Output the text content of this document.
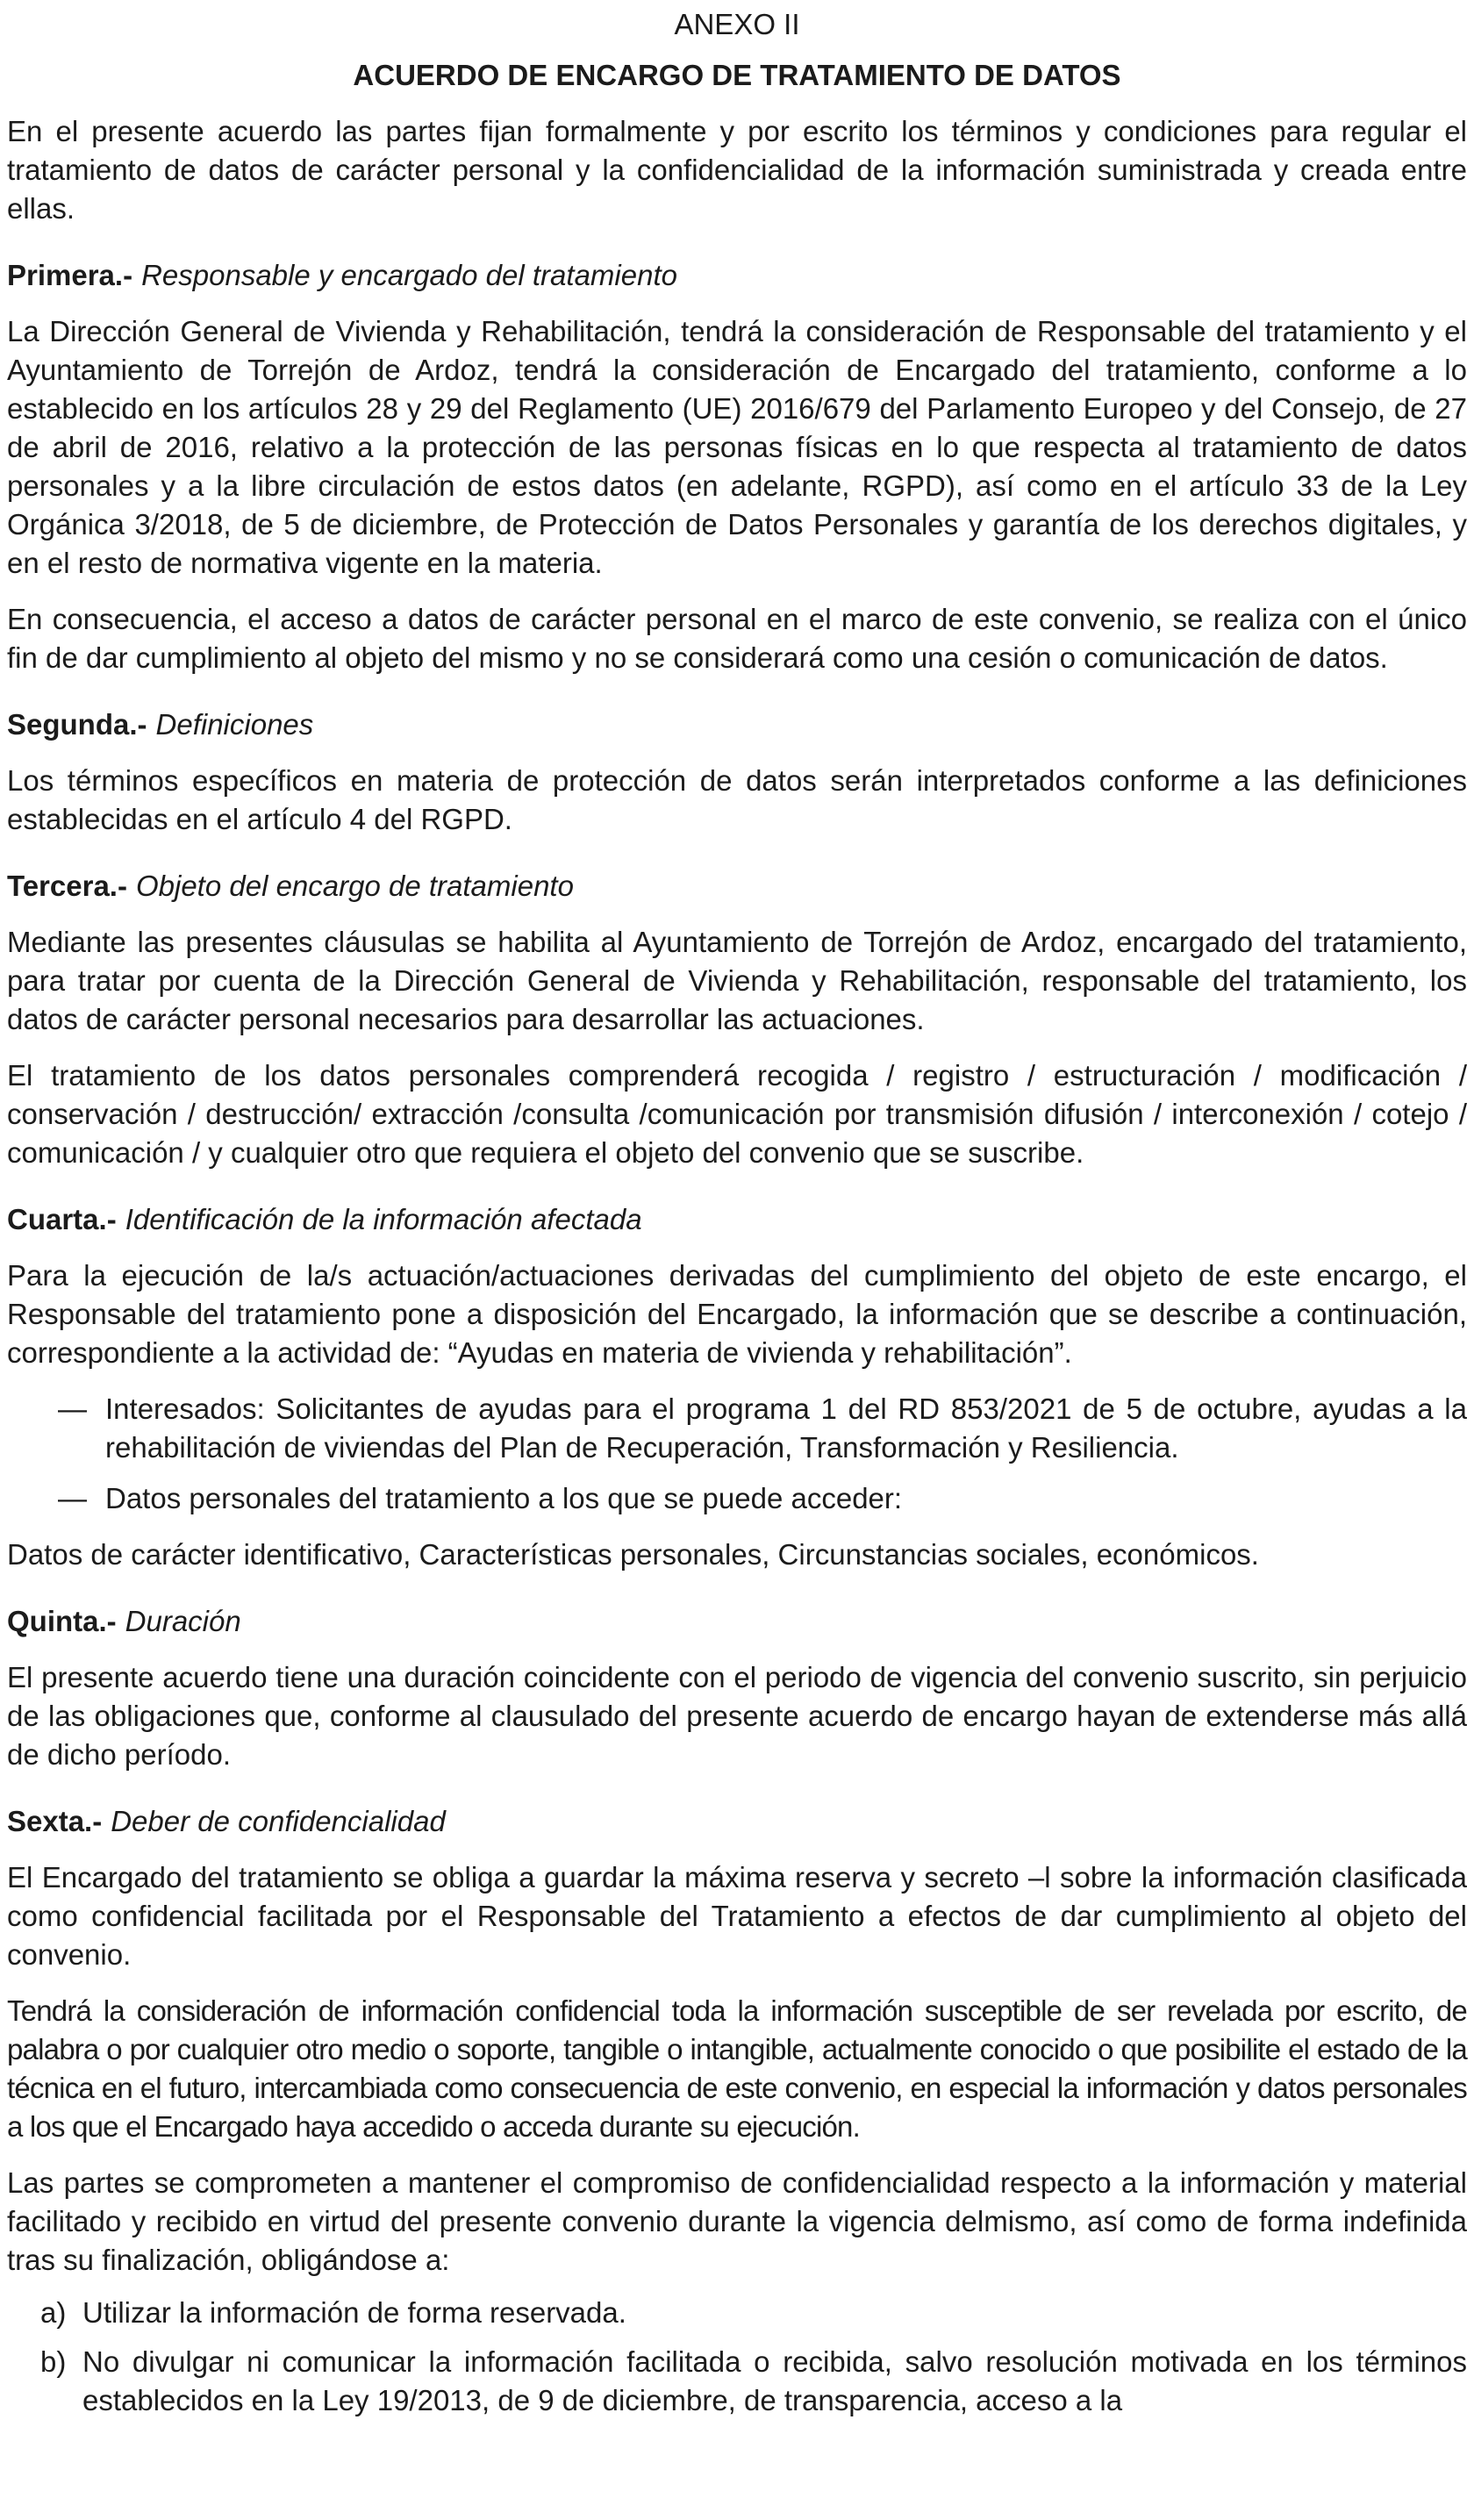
ANEXO II
ACUERDO DE ENCARGO DE TRATAMIENTO DE DATOS

En el presente acuerdo las partes fijan formalmente y por escrito los términos y condiciones para regular el tratamiento de datos de carácter personal y la confidencialidad de la información suministrada y creada entre ellas.

Primera.- Responsable y encargado del tratamiento

La Dirección General de Vivienda y Rehabilitación, tendrá la consideración de Responsable del tratamiento y el Ayuntamiento de Torrejón de Ardoz, tendrá la consideración de Encargado del tratamiento, conforme a lo establecido en los artículos 28 y 29 del Reglamento (UE) 2016/679 del Parlamento Europeo y del Consejo, de 27 de abril de 2016, relativo a la protección de las personas físicas en lo que respecta al tratamiento de datos personales y a la libre circulación de estos datos (en adelante, RGPD), así como en el artículo 33 de la Ley Orgánica 3/2018, de 5 de diciembre, de Protección de Datos Personales y garantía de los derechos digitales, y en el resto de normativa vigente en la materia.

En consecuencia, el acceso a datos de carácter personal en el marco de este convenio, se realiza con el único fin de dar cumplimiento al objeto del mismo y no se considerará como una cesión o comunicación de datos.

Segunda.- Definiciones

Los términos específicos en materia de protección de datos serán interpretados conforme a las definiciones establecidas en el artículo 4 del RGPD.

Tercera.- Objeto del encargo de tratamiento

Mediante las presentes cláusulas se habilita al Ayuntamiento de Torrejón de Ardoz, encargado del tratamiento, para tratar por cuenta de la Dirección General de Vivienda y Rehabilitación, responsable del tratamiento, los datos de carácter personal necesarios para desarrollar las actuaciones.

El tratamiento de los datos personales comprenderá recogida / registro / estructuración / modificación / conservación / destrucción/ extracción /consulta /comunicación por transmisión difusión / interconexión / cotejo / comunicación / y cualquier otro que requiera el objeto del convenio que se suscribe.

Cuarta.- Identificación de la información afectada

Para la ejecución de la/s actuación/actuaciones derivadas del cumplimiento del objeto de este encargo, el Responsable del tratamiento pone a disposición del Encargado, la información que se describe a continuación, correspondiente a la actividad de: “Ayudas en materia de vivienda y rehabilitación”.

— Interesados: Solicitantes de ayudas para el programa 1 del RD 853/2021 de 5 de octubre, ayudas a la rehabilitación de viviendas del Plan de Recuperación, Transformación y Resiliencia.
— Datos personales del tratamiento a los que se puede acceder:

Datos de carácter identificativo, Características personales, Circunstancias sociales, económicos.

Quinta.- Duración

El presente acuerdo tiene una duración coincidente con el periodo de vigencia del convenio suscrito, sin perjuicio de las obligaciones que, conforme al clausulado del presente acuerdo de encargo hayan de extenderse más allá de dicho período.

Sexta.- Deber de confidencialidad

El Encargado del tratamiento se obliga a guardar la máxima reserva y secreto –l sobre la información clasificada como confidencial facilitada por el Responsable del Tratamiento a efectos de dar cumplimiento al objeto del convenio.

Tendrá la consideración de información confidencial toda la información susceptible de ser revelada por escrito, de palabra o por cualquier otro medio o soporte, tangible o intangible, actualmente conocido o que posibilite el estado de la técnica en el futuro, intercambiada como consecuencia de este convenio, en especial la información y datos personales a los que el Encargado haya accedido o acceda durante su ejecución.

Las partes se comprometen a mantener el compromiso de confidencialidad respecto a la información y material facilitado y recibido en virtud del presente convenio durante la vigencia delmismo, así como de forma indefinida tras su finalización, obligándose a:

a) Utilizar la información de forma reservada.
b) No divulgar ni comunicar la información facilitada o recibida, salvo resolución motivada en los términos establecidos en la Ley 19/2013, de 9 de diciembre, de transparencia, acceso a la
